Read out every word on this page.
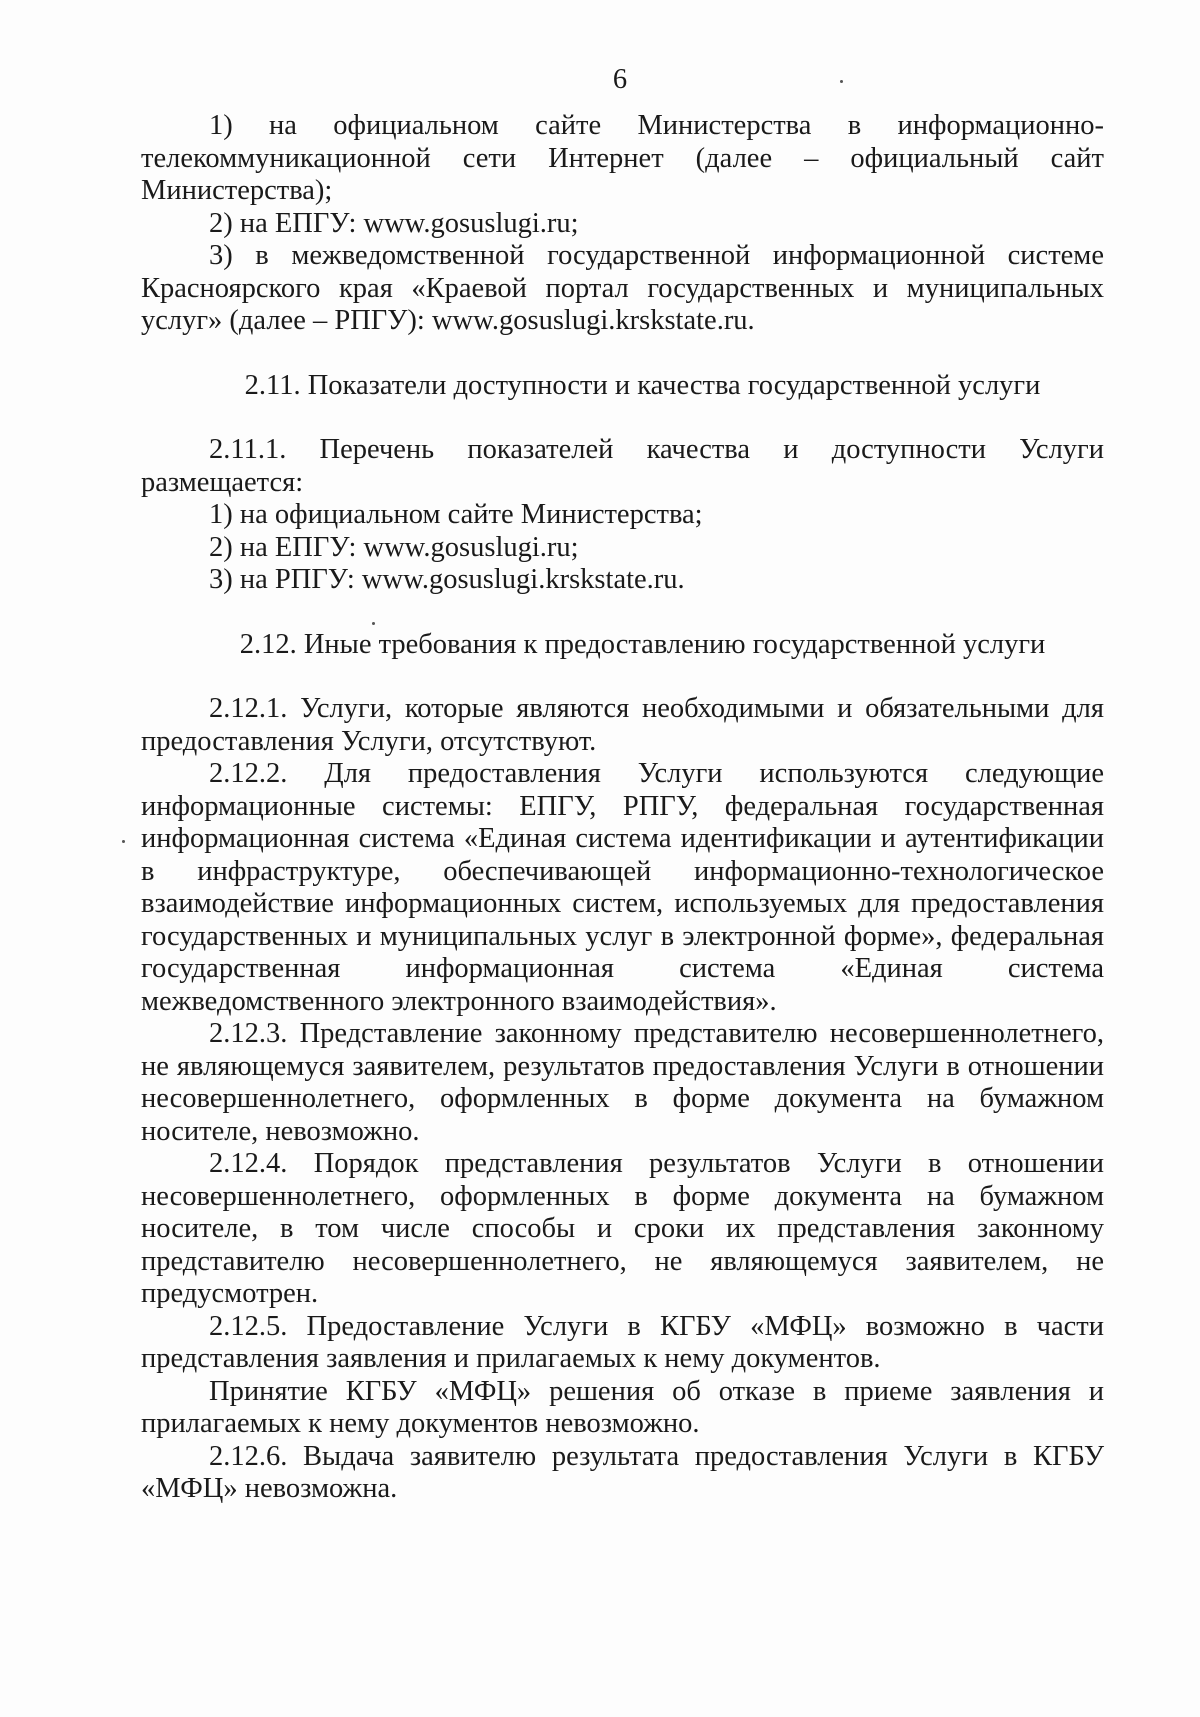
6

1) на официальном сайте Министерства в информационно-телекоммуникационной сети Интернет (далее – официальный сайт Министерства);

2) на ЕПГУ: www.gosuslugi.ru;

3) в межведомственной государственной информационной системе Красноярского края «Краевой портал государственных и муниципальных услуг» (далее – РПГУ): www.gosuslugi.krskstate.ru.

2.11. Показатели доступности и качества государственной услуги

2.11.1. Перечень показателей качества и доступности Услуги размещается:

1) на официальном сайте Министерства;

2) на ЕПГУ: www.gosuslugi.ru;

3) на РПГУ: www.gosuslugi.krskstate.ru.

2.12. Иные требования к предоставлению государственной услуги

2.12.1. Услуги, которые являются необходимыми и обязательными для предоставления Услуги, отсутствуют.

2.12.2. Для предоставления Услуги используются следующие информационные системы: ЕПГУ, РПГУ, федеральная государственная информационная система «Единая система идентификации и аутентификации в инфраструктуре, обеспечивающей информационно-технологическое взаимодействие информационных систем, используемых для предоставления государственных и муниципальных услуг в электронной форме», федеральная государственная информационная система «Единая система межведомственного электронного взаимодействия».

2.12.3. Представление законному представителю несовершеннолетнего, не являющемуся заявителем, результатов предоставления Услуги в отношении несовершеннолетнего, оформленных в форме документа на бумажном носителе, невозможно.

2.12.4. Порядок представления результатов Услуги в отношении несовершеннолетнего, оформленных в форме документа на бумажном носителе, в том числе способы и сроки их представления законному представителю несовершеннолетнего, не являющемуся заявителем, не предусмотрен.

2.12.5. Предоставление Услуги в КГБУ «МФЦ» возможно в части представления заявления и прилагаемых к нему документов.

Принятие КГБУ «МФЦ» решения об отказе в приеме заявления и прилагаемых к нему документов невозможно.

2.12.6. Выдача заявителю результата предоставления Услуги в КГБУ «МФЦ» невозможна.
